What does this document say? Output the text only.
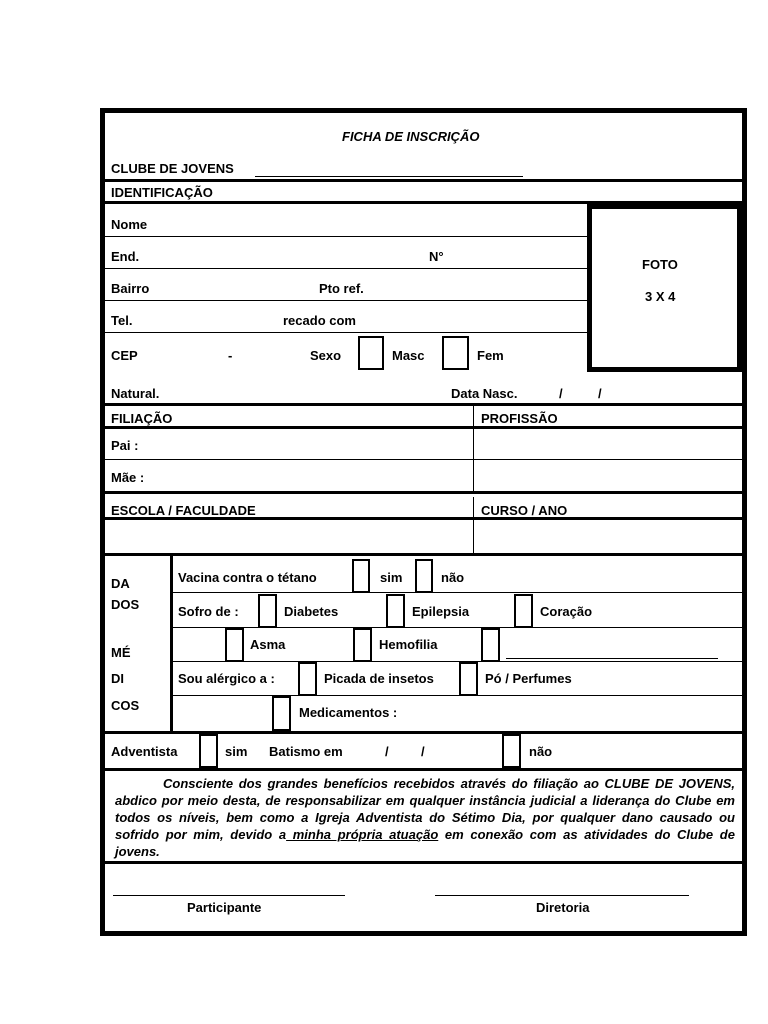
FICHA DE INSCRIÇÃO
CLUBE DE JOVENS
IDENTIFICAÇÃO
Nome
End.	N°
Bairro	Pto ref.
Tel.	recado com
CEP	-	Sexo	Masc	Fem
FOTO
3 X 4
Natural.	Data Nasc.	/	/
FILIAÇÃO	PROFISSÃO
Pai :
Mãe :
ESCOLA / FACULDADE	CURSO / ANO
DA
DOS
MÉ
DI
COS
Vacina contra o tétano	sim	não
Sofro de :	Diabetes	Epilepsia	Coração
Asma	Hemofilia
Sou alérgico a :	Picada de insetos	Pó / Perfumes
Medicamentos :
Adventista	sim Batismo em	/ /	não
Consciente dos grandes benefícios recebidos através do filiação ao CLUBE DE JOVENS, abdico por meio desta, de responsabilizar em qualquer instância judicial a liderança do Clube em todos os níveis, bem como a Igreja Adventista do Sétimo Dia, por qualquer dano causado ou sofrido por mim, devido a minha própria atuação em conexão com as atividades do Clube de jovens.
Participante	Diretoria
